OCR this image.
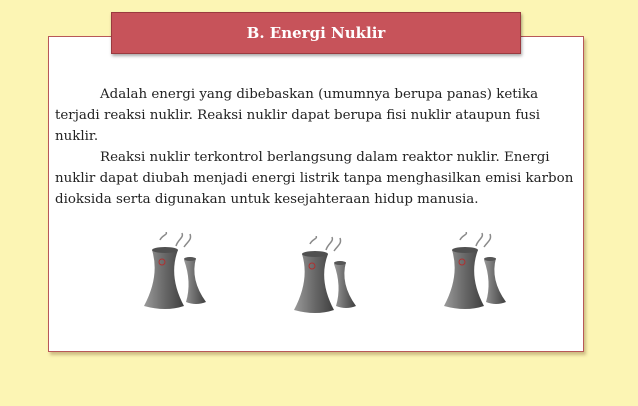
B. Energi Nuklir

Adalah energi yang dibebaskan (umumnya berupa panas) ketika terjadi reaksi nuklir. Reaksi nuklir dapat berupa fisi nuklir ataupun fusi nuklir.

Reaksi nuklir terkontrol berlangsung dalam reaktor nuklir. Energi nuklir dapat diubah menjadi energi listrik tanpa menghasilkan emisi karbon dioksida serta digunakan untuk kesejahteraan hidup manusia.
